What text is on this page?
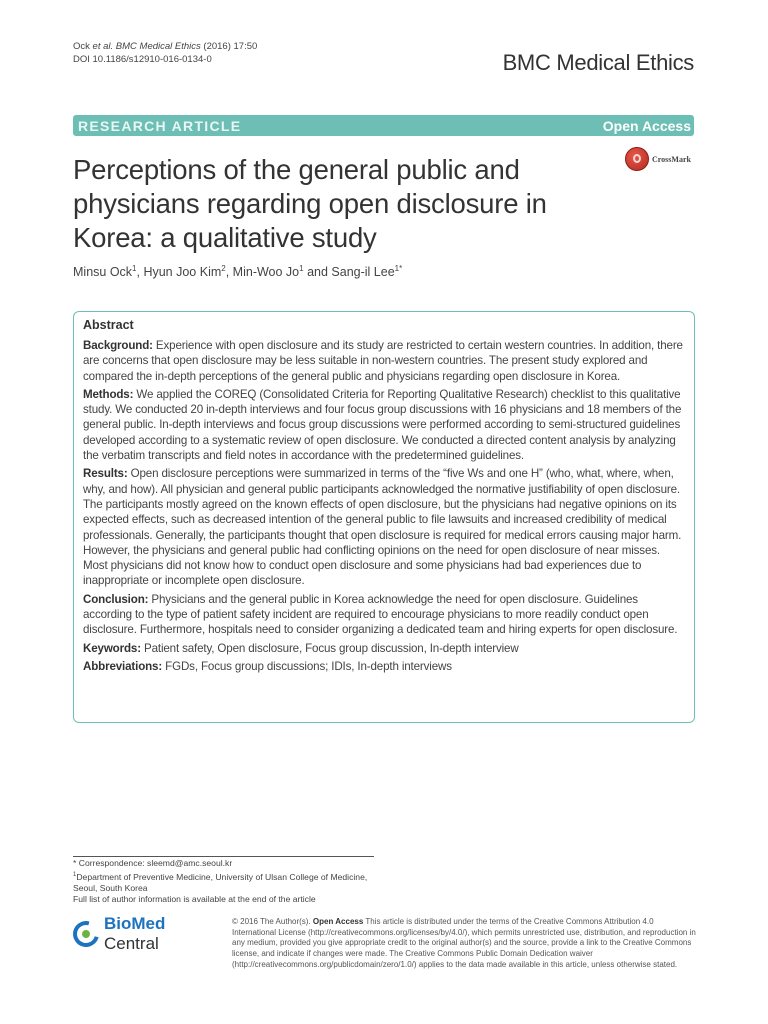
Ock et al. BMC Medical Ethics (2016) 17:50
DOI 10.1186/s12910-016-0134-0	BMC Medical Ethics
RESEARCH ARTICLE	Open Access
CrossMark
Perceptions of the general public and physicians regarding open disclosure in Korea: a qualitative study
Minsu Ock$^1$, Hyun Joo Kim$^2$, Min-Woo Jo$^1$ and Sang-il Lee$^{1*}$
Abstract

Background: Experience with open disclosure and its study are restricted to certain western countries. In addition, there are concerns that open disclosure may be less suitable in non-western countries. The present study explored and compared the in-depth perceptions of the general public and physicians regarding open disclosure in Korea.

Methods: We applied the COREQ (Consolidated Criteria for Reporting Qualitative Research) checklist to this qualitative study. We conducted 20 in-depth interviews and four focus group discussions with 16 physicians and 18 members of the general public. In-depth interviews and focus group discussions were performed according to semi-structured guidelines developed according to a systematic review of open disclosure. We conducted a directed content analysis by analyzing the verbatim transcripts and field notes in accordance with the predetermined guidelines.

Results: Open disclosure perceptions were summarized in terms of the “five Ws and one H” (who, what, where, when, why, and how). All physician and general public participants acknowledged the normative justifiability of open disclosure. The participants mostly agreed on the known effects of open disclosure, but the physicians had negative opinions on its expected effects, such as decreased intention of the general public to file lawsuits and increased credibility of medical professionals. Generally, the participants thought that open disclosure is required for medical errors causing major harm. However, the physicians and general public had conflicting opinions on the need for open disclosure of near misses. Most physicians did not know how to conduct open disclosure and some physicians had bad experiences due to inappropriate or incomplete open disclosure.

Conclusion: Physicians and the general public in Korea acknowledge the need for open disclosure. Guidelines according to the type of patient safety incident are required to encourage physicians to more readily conduct open disclosure. Furthermore, hospitals need to consider organizing a dedicated team and hiring experts for open disclosure.

Keywords: Patient safety, Open disclosure, Focus group discussion, In-depth interview

Abbreviations: FGDs, Focus group discussions; IDIs, In-depth interviews

* Correspondence: sleemd@amc.seoul.kr
$^1$Department of Preventive Medicine, University of Ulsan College of Medicine, Seoul, South Korea
Full list of author information is available at the end of the article
BioMed Central

© 2016 The Author(s). Open Access This article is distributed under the terms of the Creative Commons Attribution 4.0 International License (http://creativecommons.org/licenses/by/4.0/), which permits unrestricted use, distribution, and reproduction in any medium, provided you give appropriate credit to the original author(s) and the source, provide a link to the Creative Commons license, and indicate if changes were made. The Creative Commons Public Domain Dedication waiver (http://creativecommons.org/publicdomain/zero/1.0/) applies to the data made available in this article, unless otherwise stated.
